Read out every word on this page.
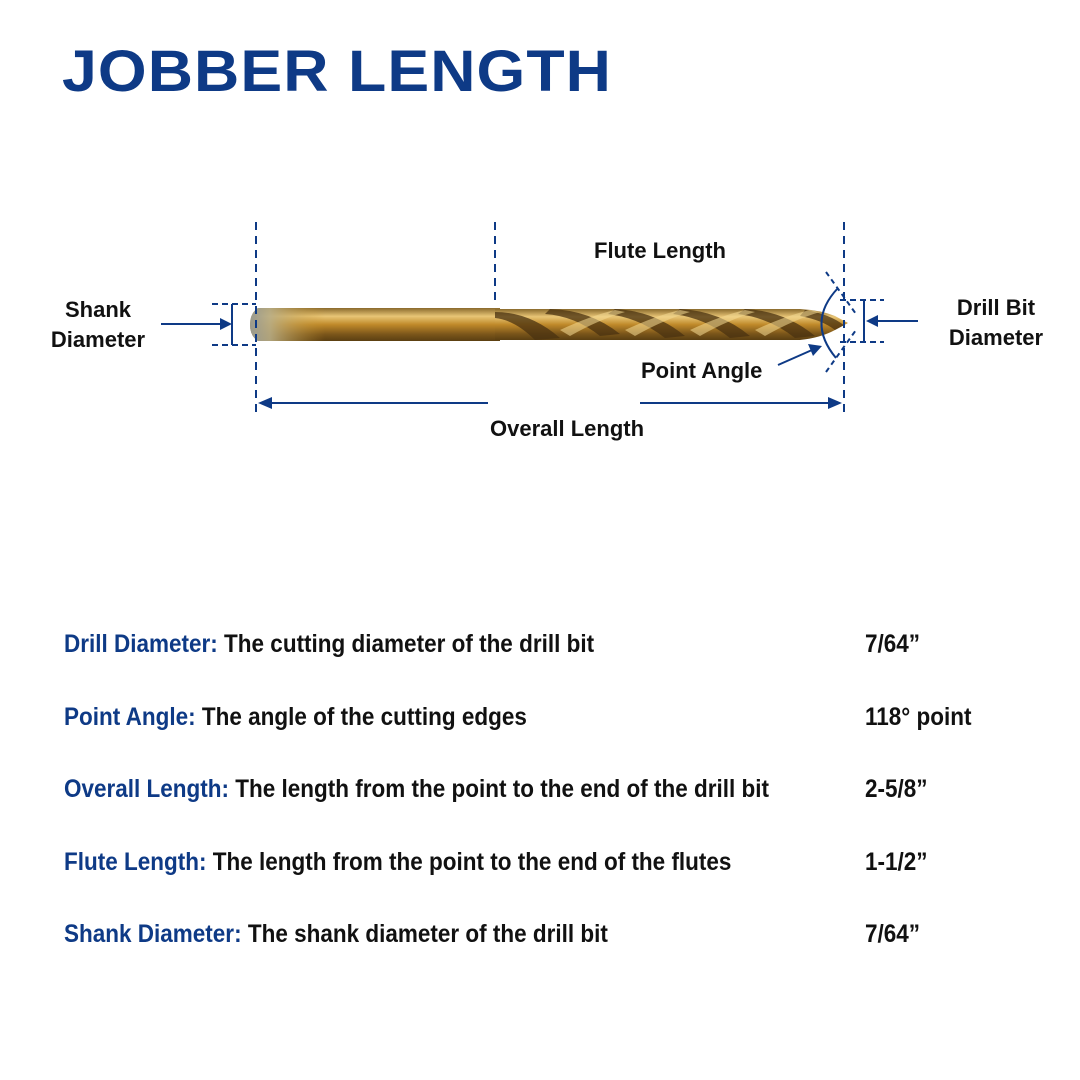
JOBBER LENGTH
Flute Length
Shank
Diameter
Drill Bit
Diameter
Point Angle
Overall Length
Drill Diameter: The cutting diameter of the drill bit	7/64”
Point Angle: The angle of the cutting edges	118° point
Overall Length: The length from the point to the end of the drill bit	2-5/8”
Flute Length: The length from the point to the end of the flutes	1-1/2”
Shank Diameter: The shank diameter of the drill bit	7/64”
